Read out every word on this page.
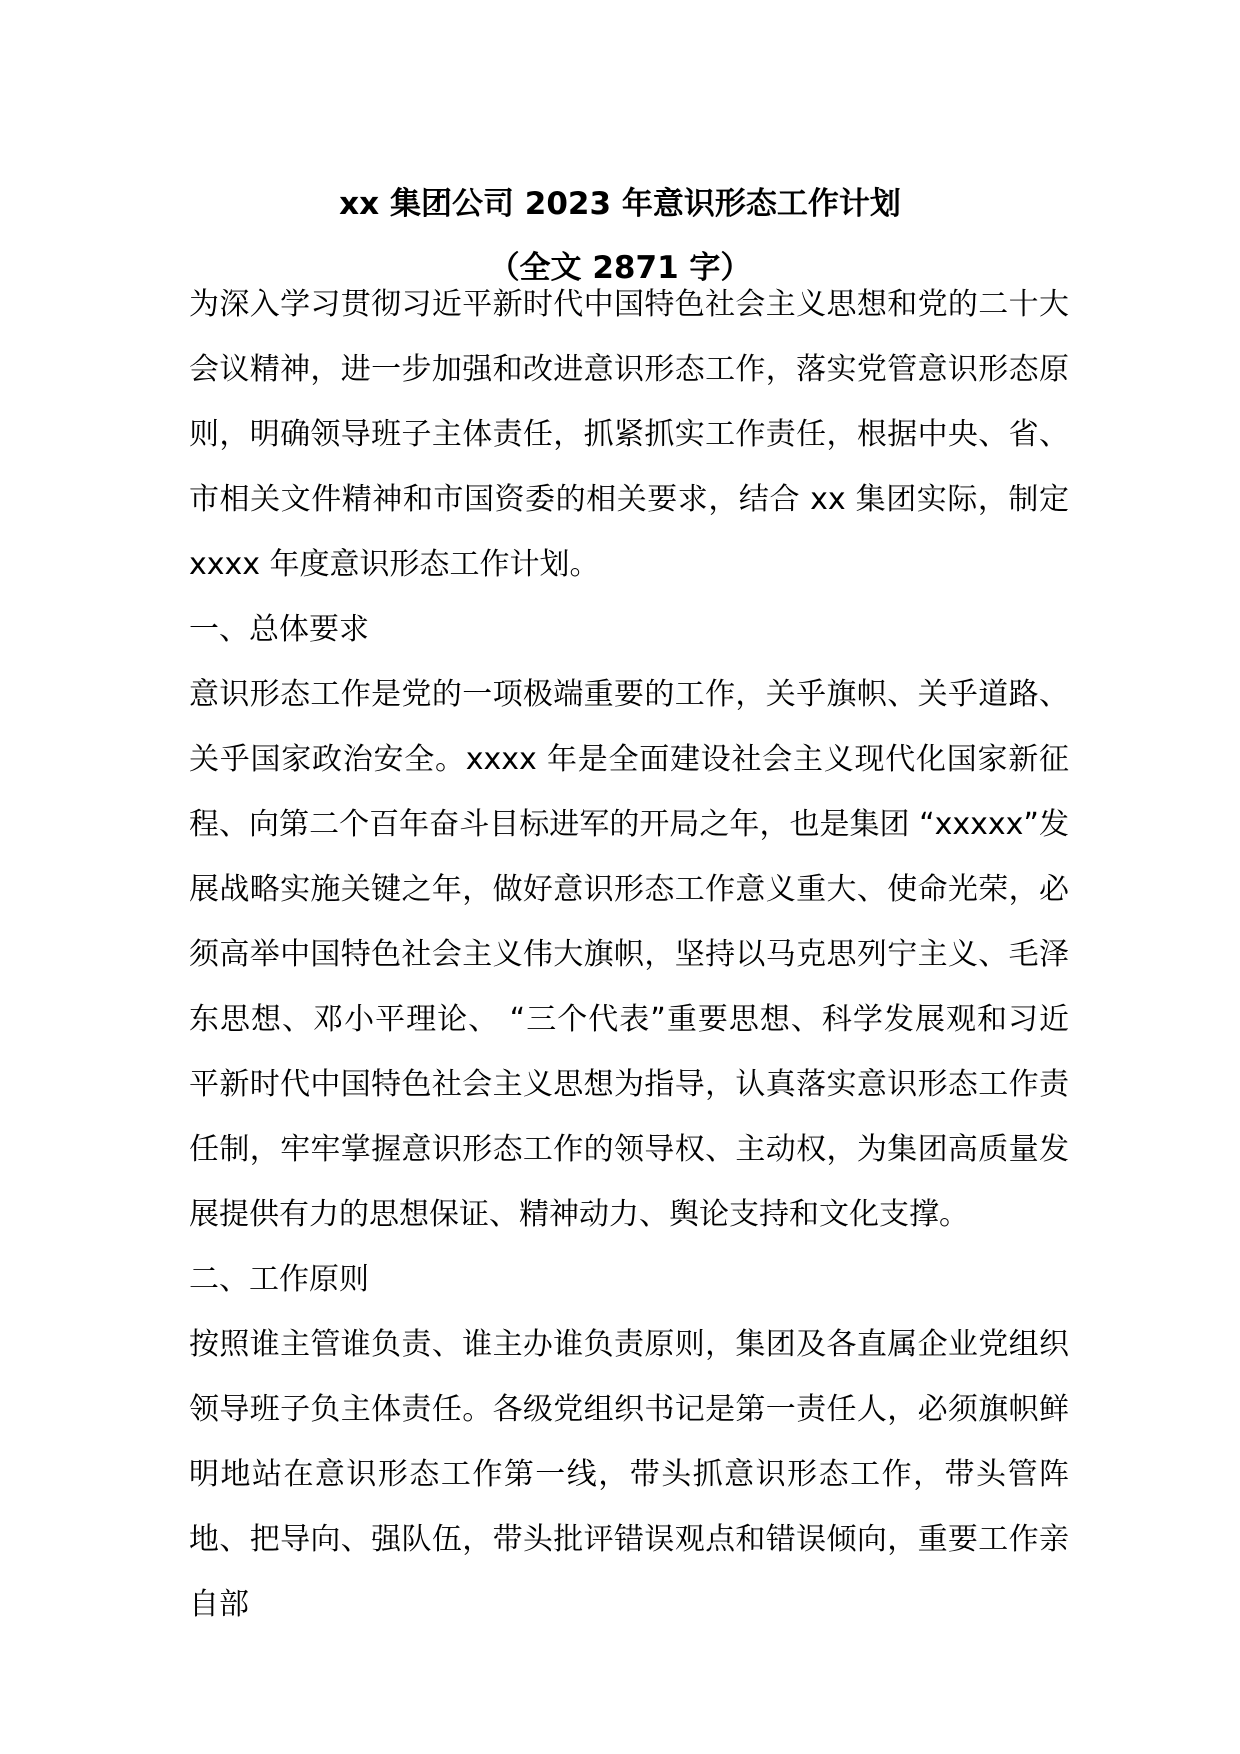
xx 集团公司 2023 年意识形态工作计划
（全文 2871 字）

为深入学习贯彻习近平新时代中国特色社会主义思想和党的二十大会议精神，进一步加强和改进意识形态工作，落实党管意识形态原则，明确领导班子主体责任，抓紧抓实工作责任，根据中央、省、市相关文件精神和市国资委的相关要求，结合 xx 集团实际，制定 xxxx 年度意识形态工作计划。

一、总体要求

意识形态工作是党的一项极端重要的工作，关乎旗帜、关乎道路、关乎国家政治安全。xxxx 年是全面建设社会主义现代化国家新征程、向第二个百年奋斗目标进军的开局之年，也是集团 “xxxxx”发展战略实施关键之年，做好意识形态工作意义重大、使命光荣，必须高举中国特色社会主义伟大旗帜，坚持以马克思列宁主义、毛泽东思想、邓小平理论、 “三个代表”重要思想、科学发展观和习近平新时代中国特色社会主义思想为指导，认真落实意识形态工作责任制，牢牢掌握意识形态工作的领导权、主动权，为集团高质量发展提供有力的思想保证、精神动力、舆论支持和文化支撑。

二、工作原则

按照谁主管谁负责、谁主办谁负责原则，集团及各直属企业党组织领导班子负主体责任。各级党组织书记是第一责任人，必须旗帜鲜明地站在意识形态工作第一线，带头抓意识形态工作，带头管阵地、把导向、强队伍，带头批评错误观点和错误倾向，重要工作亲自部
